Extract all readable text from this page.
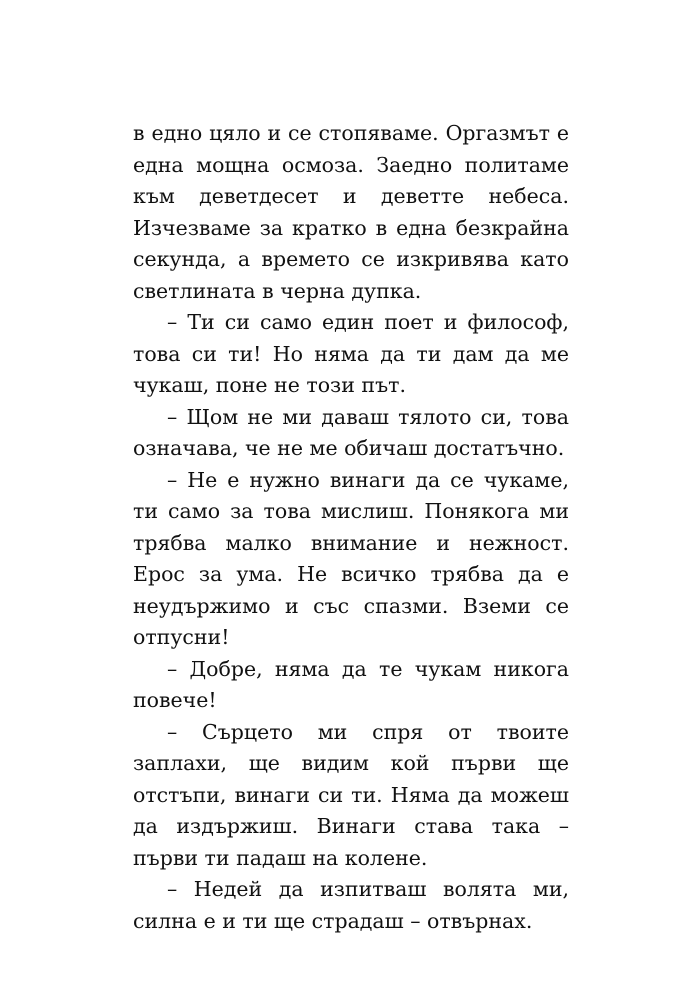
в едно цяло и се стопяваме. Оргазмът е една мощна осмоза. Заедно политаме към деветдесет и деветте небеса. Изчезваме за кратко в една безкрайна секунда, а времето се изкривява като светлината в черна дупка.

– Ти си само един поет и философ, това си ти! Но няма да ти дам да ме чукаш, поне не този път.

– Щом не ми даваш тялото си, това означава, че не ме обичаш достатъчно.

– Не е нужно винаги да се чукаме, ти само за това мислиш. Понякога ми трябва малко внимание и нежност. Ерос за ума. Не всичко трябва да е неудържимо и със спазми. Вземи се отпусни!

– Добре, няма да те чукам никога повече!

– Сърцето ми спря от твоите заплахи, ще видим кой първи ще отстъпи, винаги си ти. Няма да можеш да издържиш. Винаги става така – първи ти падаш на колене.

– Недей да изпитваш волята ми, силна е и ти ще страдаш – отвърнах.
